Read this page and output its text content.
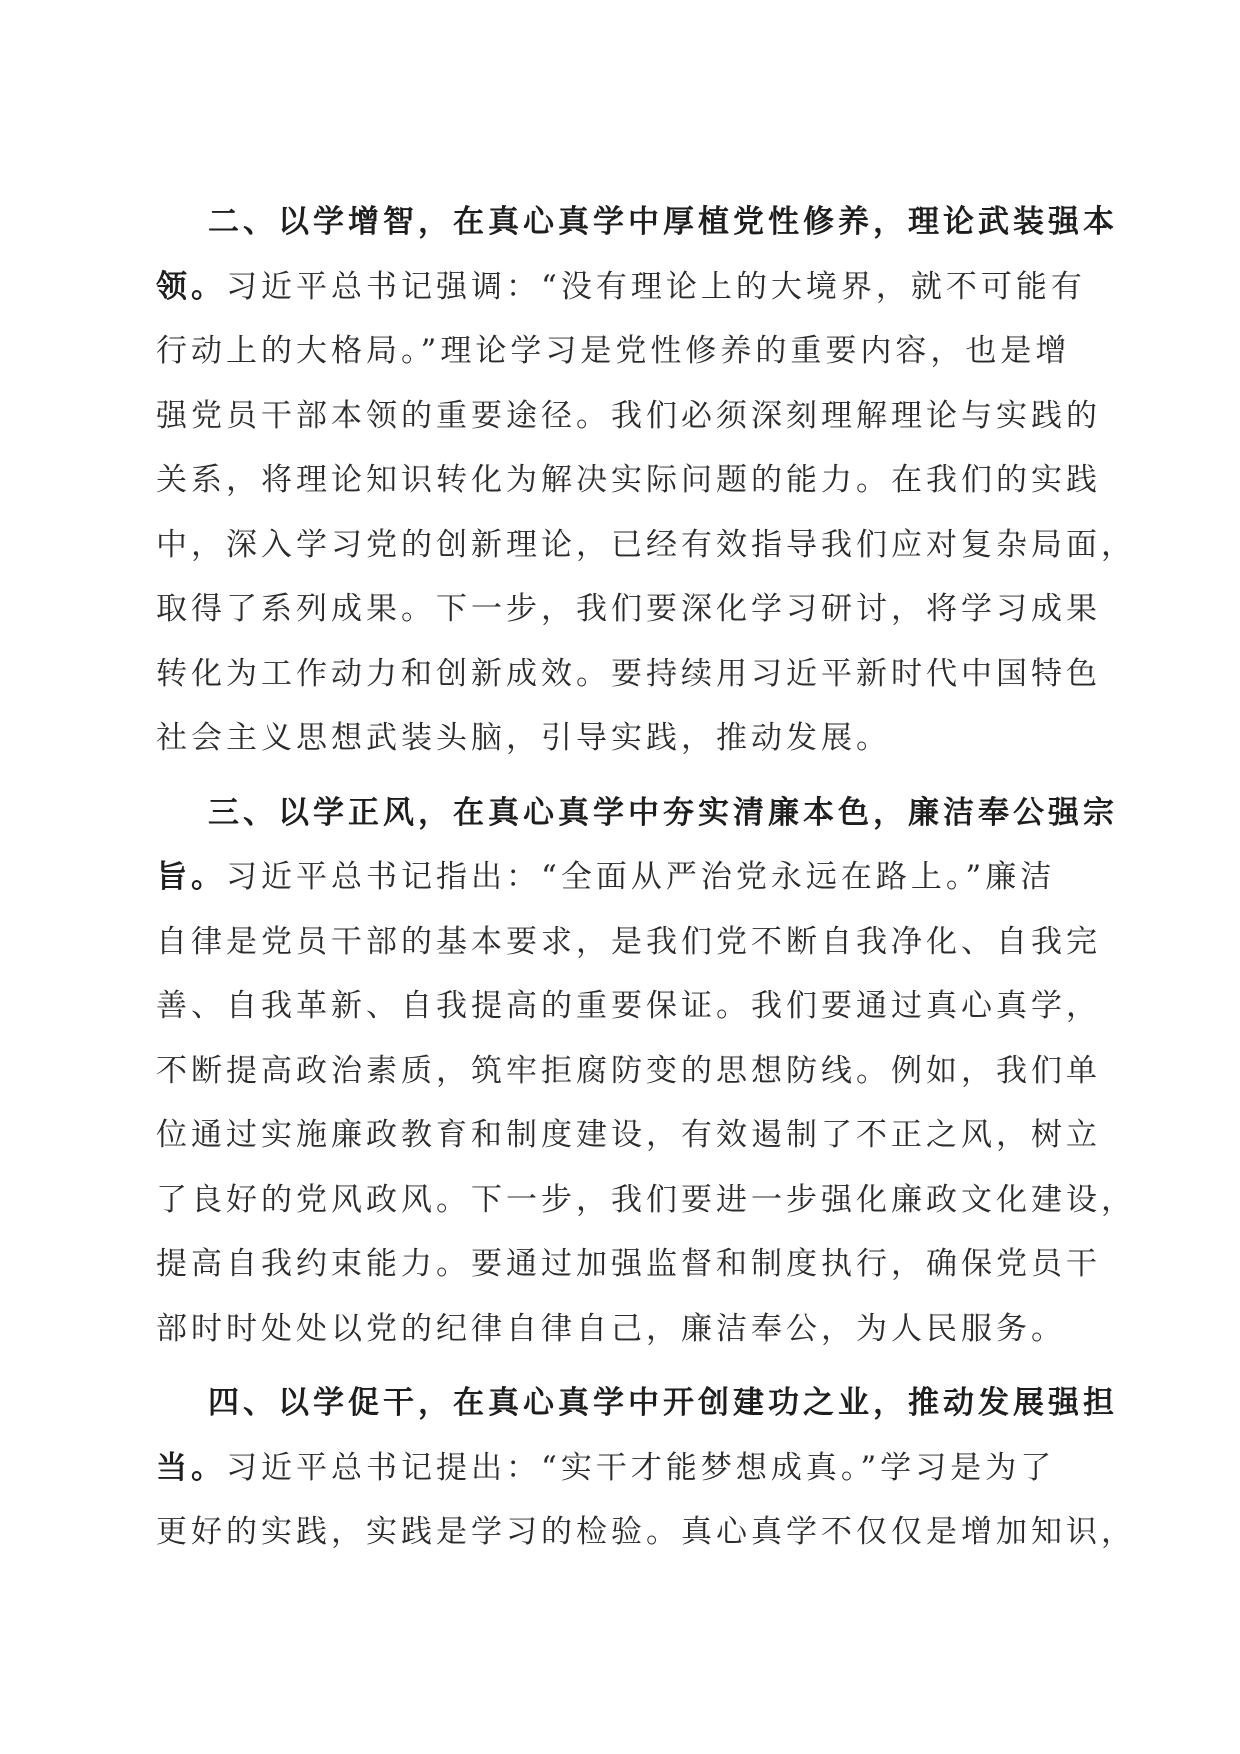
二、以学增智，在真心真学中厚植党性修养，理论武装强本
领。习近平总书记强调：“没有理论上的大境界，就不可能有
行动上的大格局。”理论学习是党性修养的重要内容，也是增
强党员干部本领的重要途径。我们必须深刻理解理论与实践的
关系，将理论知识转化为解决实际问题的能力。在我们的实践
中，深入学习党的创新理论，已经有效指导我们应对复杂局面，
取得了系列成果。下一步，我们要深化学习研讨，将学习成果
转化为工作动力和创新成效。要持续用习近平新时代中国特色
社会主义思想武装头脑，引导实践，推动发展。
三、以学正风，在真心真学中夯实清廉本色，廉洁奉公强宗
旨。习近平总书记指出：“全面从严治党永远在路上。”廉洁
自律是党员干部的基本要求，是我们党不断自我净化、自我完
善、自我革新、自我提高的重要保证。我们要通过真心真学，
不断提高政治素质，筑牢拒腐防变的思想防线。例如，我们单
位通过实施廉政教育和制度建设，有效遏制了不正之风，树立
了良好的党风政风。下一步，我们要进一步强化廉政文化建设，
提高自我约束能力。要通过加强监督和制度执行，确保党员干
部时时处处以党的纪律自律自己，廉洁奉公，为人民服务。
四、以学促干，在真心真学中开创建功之业，推动发展强担
当。习近平总书记提出：“实干才能梦想成真。”学习是为了
更好的实践，实践是学习的检验。真心真学不仅仅是增加知识，
